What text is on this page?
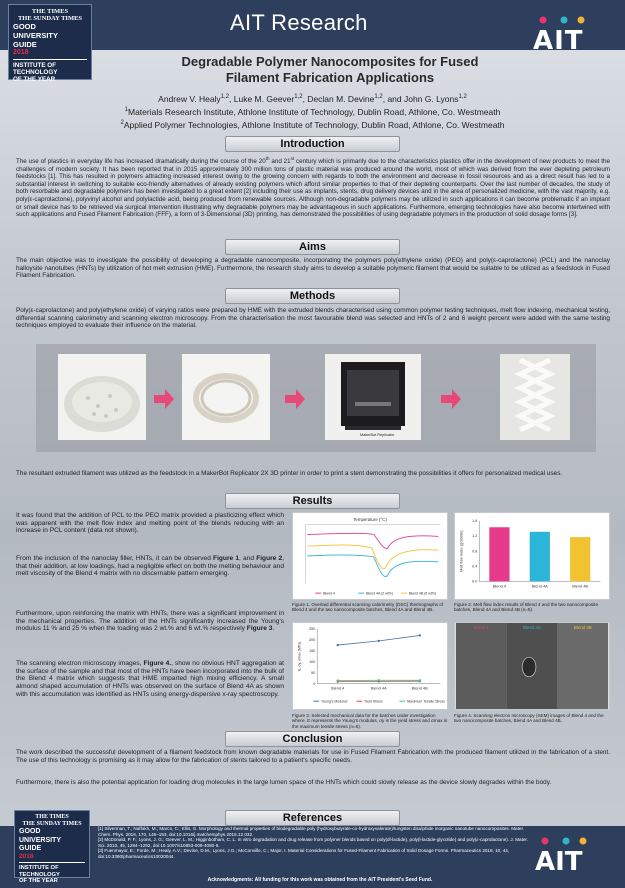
THE TIMES
THE SUNDAY TIMES
GOOD
UNIVERSITY
GUIDE
2018
INSTITUTE OF
TECHNOLOGY
OF THE YEAR
AIT Research
AIT
Degradable Polymer Nanocomposites for Fused
Filament Fabrication Applications
Andrew V. Healy$^{1,2}$, Luke M. Geever$^{1,2}$, Declan M. Devine$^{1,2}$, and John G. Lyons$^{1,2}$
$^1$Materials Research Institute, Athlone Institute of Technology, Dublin Road, Athlone, Co. Westmeath
$^2$Applied Polymer Technologies, Athlone Institute of Technology, Dublin Road, Athlone, Co. Westmeath
Introduction
The use of plastics in everyday life has increased dramatically during the course of the 20th and 21st century which is primarily due to the characteristics plastics offer in the development of new products to meet the challenges of modern society. It has been reported that in 2015 approximately 300 million tons of plastic material was produced around the world, most of which was derived from the ever depleting petroleum feedstocks [1]. This has resulted in polymers attracting increased interest owing to the growing concern with regards to both the environment and decrease in fossil resources and as a direct result has led to a substantial interest in switching to suitable eco-friendly alternatives of already existing polymers which afford similar properties to that of their depleting counterparts. Over the last number of decades, the study of both resorbable and degradable polymers has been investigated to a great extent [2] including their use as implants, stents, drug delivery devices and in the area of personalized medicine, with the vast majority, e.g. poly(ε-caprolactone), polyvinyl alcohol and polylactide acid, being produced from renewable sources. Although non-degradable polymers may be utilized in such applications it can become problematic if an implant or small device has to be retrieved via surgical intervention illustrating why degradable polymers may be advantageous in such applications. Furthermore, emerging technologies have also become intertwined with such applications and Fused Filament Fabrication (FFF), a form of 3-Dimensional (3D) printing, has demonstrated the possibilities of using degradable polymers in the production of solid dosage forms [3].
Aims
The main objective was to investigate the possibility of developing a degradable nanocomposite, incorporating the polymers poly(ethylene oxide) (PEO) and poly(ε-caprolactone) (PCL) and the nanoclay halloysite nanotubes (HNTs) by utilization of hot melt extrusion (HME). Furthermore, the research study aims to develop a suitable polymeric filament that would be suitable to be utilized as a feedstock in Fused Filament Fabrication.
Methods
Poly(ε-caprolactone) and poly(ethylene oxide) of varying ratios were prepared by HME with the extruded blends characterised using common polymer testing techniques, melt flow indexing, mechanical testing, differential scanning calorimetry and scanning electron microscopy. From the characterisation the most favourable blend was selected and HNTs of 2 and 6 weight percent were added with the same testing techniques employed to evaluate their influence on the material.
MakerBot Replicator
The resultant extruded filament was utilized as the feedstock in a MakerBot Replicator 2X 3D printer in order to print a stent demonstrating the possibilities it offers for personalized medical uses.
Results
It was found that the addition of PCL to the PEO matrix provided a plasticizing effect which was apparent with the melt flow index and melting point of the blends reducing with an increase in PCL content (data not shown).
From the inclusion of the nanoclay filler, HNTs, it can be observed Figure 1, and Figure 2, that their addition, at low loadings, had a negligible effect on both the melting behaviour and melt viscosity of the Blend 4 matrix with no discernable pattern emerging.
Furthermore, upon reinforcing the matrix with HNTs, there was a significant improvement in the mechanical properties. The addition of the HNTs significantly increased the Young's modulus 11 % and 25 % when the loading was 2 wt.% and 6 wt.% respectively Figure 3.
The scanning electron microscopy images, Figure 4., show no obvious HNT aggregation at the surface of the sample and that most of the HNTs have been incorporated into the bulk of the Blend 4 matrix which suggests that HME imparted high mixing efficiency. A small almond shaped accumulation of HNTs was observed on the surface of Blend 4A as shown with this accumulation was identified as HNTs using energy-dispersive x-ray spectroscopy.
Temperature (°C)
Blend 4	Blend 4A (2 wt%)	Blend 4B (6 wt%)
Figure 1. Overlaid differential scanning calorimetry (DSC) thermographs of Blend 4 and the two nanocomposite batches, Blend 4A and Blend 4B.
0.0
0.4
0.8
1.2
1.6
Melt flow index (g/10min)
Blend 4	Blend 4A	Blend 4B
Figure 2. Melt flow index results of Blend 4 and the two nanocomposite batches, Blend 4A and Blend 4B (n=5).
0
50
100
150
200
250
E, σy, σmax (MPa)
Blend 4	Blend 4A	Blend 4B
Young's Modulus	Yield Stress	Maximum Tensile Stress
Figure 3. Selected mechanical data for the batches under investigation where, E represents the Young's modulus, σy is the yield stress and σmax is the maximum tensile stress (n=5).
Blend 4	Blend 4A	Blend 4B
Figure 4. Scanning electron microscopy (SEM) images of Blend 4 and the two nanocomposite batches, Blend 4A and Blend 4B.
Conclusion
The work described the successful development of a filament feedstock from known degradable materials for use in Fused Filament Fabrication with the produced filament utilized in the fabrication of a stent. The use of this technology is promising as it may allow for the fabrication of stents tailored to a patient's specific needs.
Furthermore, there is also the potential application for loading drug molecules in the large lumen space of the HNTs which could slowly release as the device slowly degrades within the body.
References
THE TIMES
THE SUNDAY TIMES
GOOD
UNIVERSITY
GUIDE
2018
INSTITUTE OF
TECHNOLOGY
OF THE YEAR
[1] Silverman, T.; Naffakh, M.; Marco, C.; Ellis, G. Morphology and thermal properties of biodegradable poly (hydroxybutyrate-co-hydroxyvalerate)/tungsten disulphide inorganic nanotube nanocomposites. Mater. Chem. Phys. 2016, 170, 145–153, doi:10.1016/j.matchemphys.2015.12.032.
[2] McDonald, P. F.; Lyons, J. G.; Geever, L. M.; Higginbotham, C. L. In vitro degradation and drug release from polymer blends based on poly(dl-lactide), poly(l-lactide-glycolide) and poly(ε-caprolactone). J. Mater. Sci. 2010, 45, 1284–1292, doi:10.1007/s10853-009-4080-6.
[3] Fuenmayor, E.; Forde, M.; Healy, A.V.; Devine, D.M.; Lyons, J.G.; McConville, C.; Major, I. Material Considerations for Fused-Filament Fabrication of Solid Dosage Forms. Pharmaceutics 2018, 10, 44, doi:10.3390/pharmaceutics10020044.
Acknowledgments: All funding for this work was obtained from the AIT President's Seed Fund.
AIT
